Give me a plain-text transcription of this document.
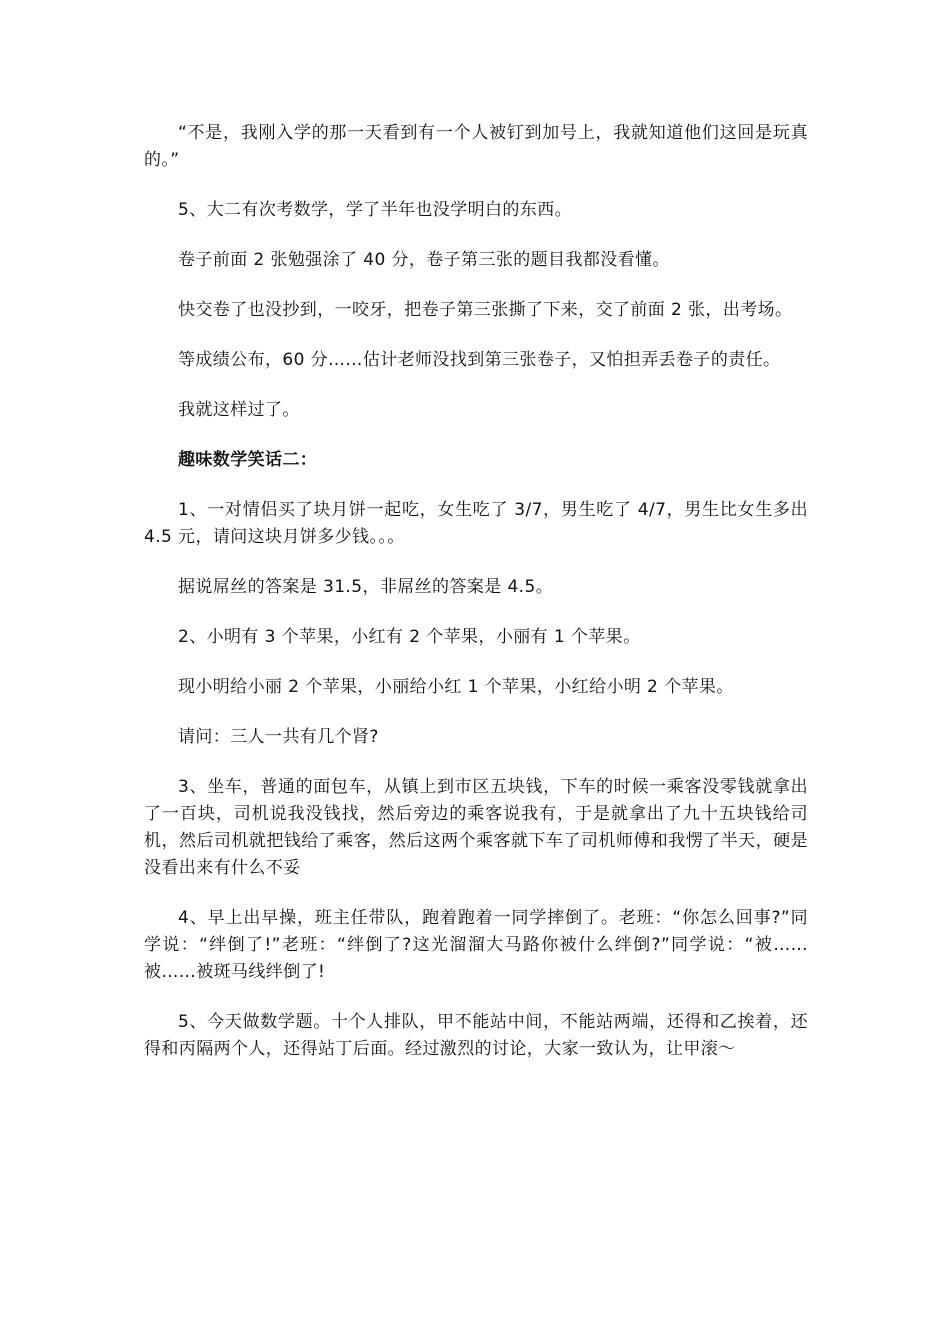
“不是，我刚入学的那一天看到有一个人被钉到加号上，我就知道他们这回是玩真的。”

5、大二有次考数学，学了半年也没学明白的东西。

卷子前面 2 张勉强涂了 40 分，卷子第三张的题目我都没看懂。

快交卷了也没抄到，一咬牙，把卷子第三张撕了下来，交了前面 2 张，出考场。

等成绩公布，60 分……估计老师没找到第三张卷子，又怕担弄丢卷子的责任。

我就这样过了。

趣味数学笑话二：

1、一对情侣买了块月饼一起吃，女生吃了 3/7，男生吃了 4/7，男生比女生多出 4.5 元，请问这块月饼多少钱。。。

据说屌丝的答案是 31.5，非屌丝的答案是 4.5。

2、小明有 3 个苹果，小红有 2 个苹果，小丽有 1 个苹果。

现小明给小丽 2 个苹果，小丽给小红 1 个苹果，小红给小明 2 个苹果。

请问：三人一共有几个肾?

3、坐车，普通的面包车，从镇上到市区五块钱，下车的时候一乘客没零钱就拿出了一百块，司机说我没钱找，然后旁边的乘客说我有，于是就拿出了九十五块钱给司机，然后司机就把钱给了乘客，然后这两个乘客就下车了司机师傅和我愣了半天，硬是没看出来有什么不妥

4、早上出早操，班主任带队，跑着跑着一同学摔倒了。老班：“你怎么回事?”同学说：“绊倒了!”老班：“绊倒了?这光溜溜大马路你被什么绊倒?”同学说：“被……被……被斑马线绊倒了!

5、今天做数学题。十个人排队，甲不能站中间，不能站两端，还得和乙挨着，还得和丙隔两个人，还得站丁后面。经过激烈的讨论，大家一致认为，让甲滚～
